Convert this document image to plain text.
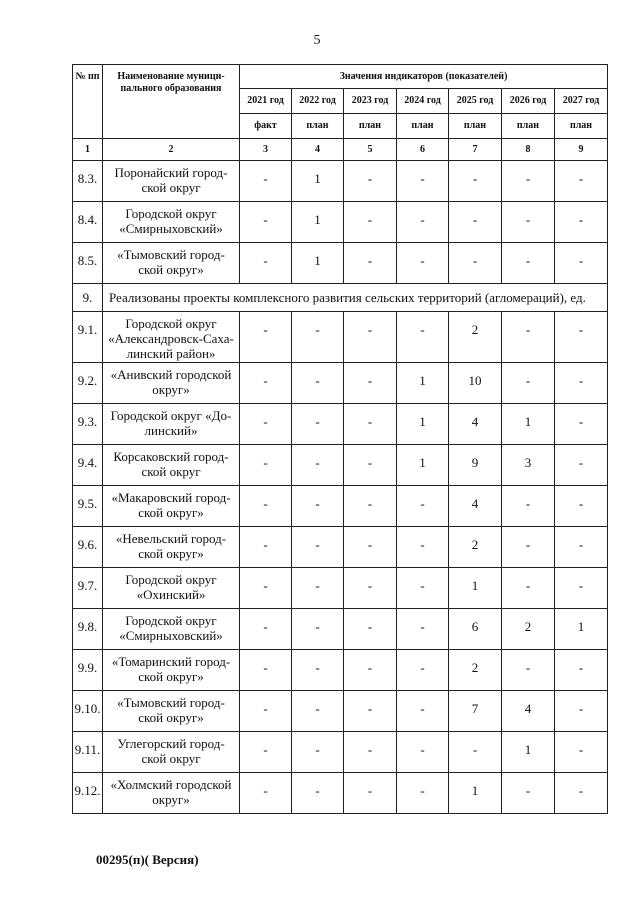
5
№ пп	Наименование муници-пального образования	Значения индикаторов (показателей)						
		2021 год	2022 год	2023 год	2024 год	2025 год	2026 год	2027 год
		факт	план	план	план	план	план	план
1	2	3	4	5	6	7	8	9
8.3.	Поронайский город-ской округ	-	1	-	-	-	-	-
8.4.	Городской округ «Смирныховский»	-	1	-	-	-	-	-
8.5.	«Тымовский город-ской округ»	-	1	-	-	-	-	-
9.	Реализованы проекты комплексного развития сельских территорий (агломераций), ед.							
9.1.	Городской округ «Александровск-Саха-линский район»	-	-	-	-	2	-	-
9.2.	«Анивский городской округ»	-	-	-	1	10	-	-
9.3.	Городской округ «До-линский»	-	-	-	1	4	1	-
9.4.	Корсаковский город-ской округ	-	-	-	1	9	3	-
9.5.	«Макаровский город-ской округ»	-	-	-	-	4	-	-
9.6.	«Невельский город-ской округ»	-	-	-	-	2	-	-
9.7.	Городской округ «Охинский»	-	-	-	-	1	-	-
9.8.	Городской округ «Смирныховский»	-	-	-	-	6	2	1
9.9.	«Томаринский город-ской округ»	-	-	-	-	2	-	-
9.10.	«Тымовский город-ской округ»	-	-	-	-	7	4	-
9.11.	Углегорский город-ской округ	-	-	-	-	-	1	-
9.12.	«Холмский городской округ»	-	-	-	-	1	-	-
00295(п)( Версия)
